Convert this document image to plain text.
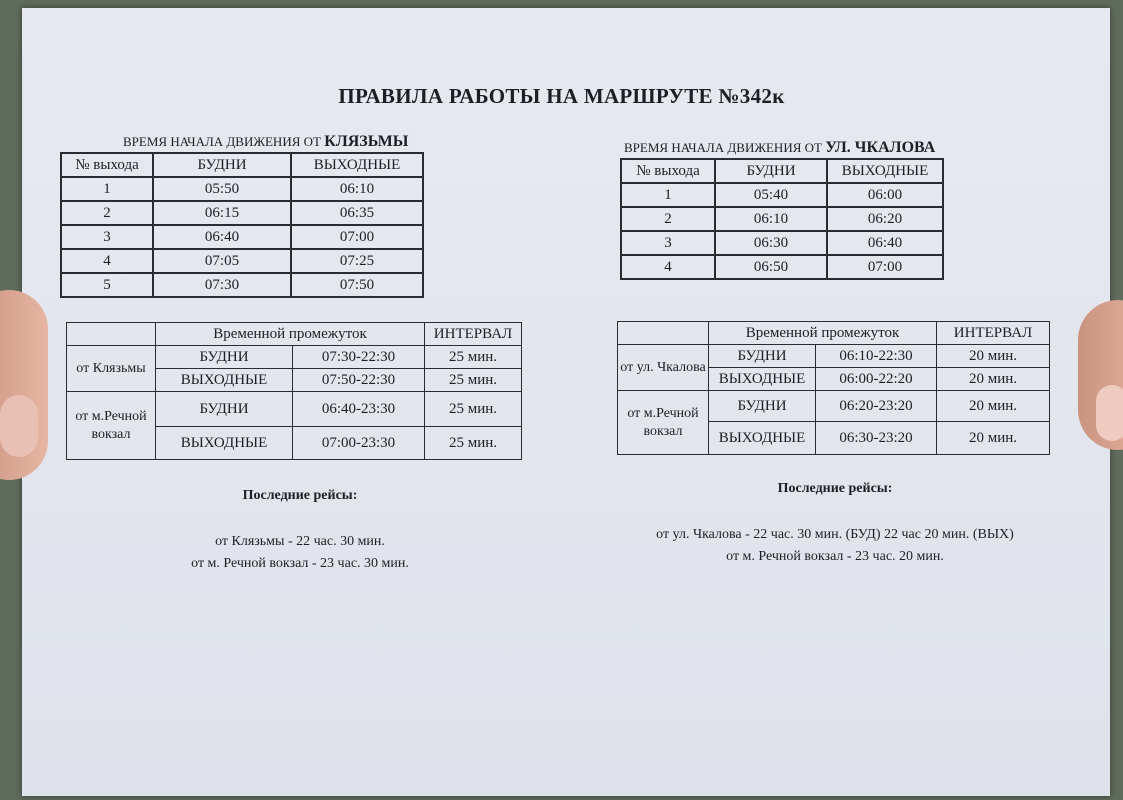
ПРАВИЛА РАБОТЫ НА МАРШРУТЕ №342к
ВРЕМЯ НАЧАЛА ДВИЖЕНИЯ ОТ КЛЯЗЬМЫ
№ выхода	БУДНИ	ВЫХОДНЫЕ
1	05:50	06:10
2	06:15	06:35
3	06:40	07:00
4	07:05	07:25
5	07:30	07:50
ВРЕМЯ НАЧАЛА ДВИЖЕНИЯ ОТ УЛ. ЧКАЛОВА
№ выхода	БУДНИ	ВЫХОДНЫЕ
1	05:40	06:00
2	06:10	06:20
3	06:30	06:40
4	06:50	07:00
	Временной промежуток		ИНТЕРВАЛ
от Клязьмы	БУДНИ	07:30-22:30	25 мин.
	ВЫХОДНЫЕ	07:50-22:30	25 мин.
от м.Речной вокзал	БУДНИ	06:40-23:30	25 мин.
	ВЫХОДНЫЕ	07:00-23:30	25 мин.
	Временной промежуток		ИНТЕРВАЛ
от ул. Чкалова	БУДНИ	06:10-22:30	20 мин.
	ВЫХОДНЫЕ	06:00-22:20	20 мин.
от м.Речной вокзал	БУДНИ	06:20-23:20	20 мин.
	ВЫХОДНЫЕ	06:30-23:20	20 мин.
Последние рейсы:
от Клязьмы - 22 час. 30 мин.
от м. Речной вокзал - 23 час. 30 мин.
Последние рейсы:
от ул. Чкалова - 22 час. 30 мин. (БУД) 22 час 20 мин. (ВЫХ)
от м. Речной вокзал - 23 час. 20 мин.
